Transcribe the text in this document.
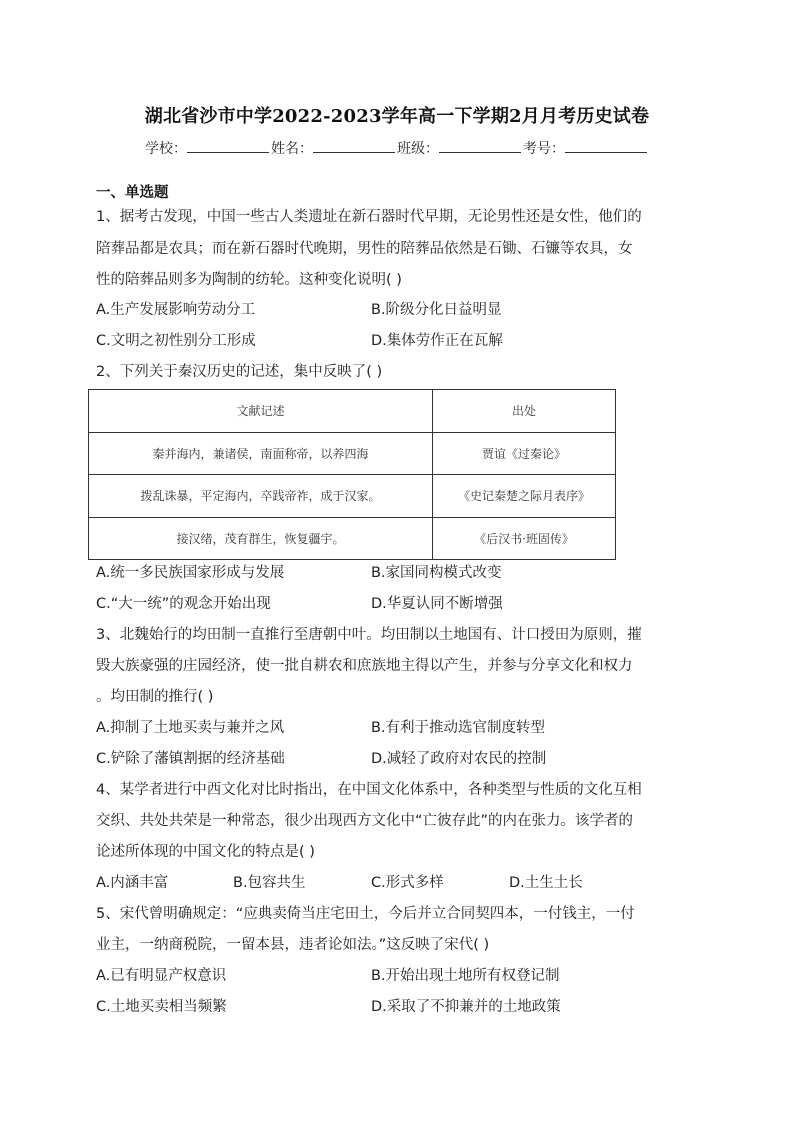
湖北省沙市中学2022-2023学年高一下学期2月月考历史试卷
学校：	姓名：	班级：	考号：
一、单选题
1、据考古发现，中国一些古人类遗址在新石器时代早期，无论男性还是女性，他们的
陪葬品都是农具；而在新石器时代晚期，男性的陪葬品依然是石锄、石镰等农具，女
性的陪葬品则多为陶制的纺轮。这种变化说明( )
A.生产发展影响劳动分工	B.阶级分化日益明显
C.文明之初性别分工形成	D.集体劳作正在瓦解
2、下列关于秦汉历史的记述，集中反映了( )
文献记述	出处
秦并海内，兼诸侯，南面称帝，以养四海	贾谊《过秦论》
拨乱诛暴，平定海内，卒践帝祚，成于汉家。	《史记秦楚之际月表序》
接汉绪，茂育群生，恢复疆宇。	《后汉书·班固传》
A.统一多民族国家形成与发展	B.家国同构模式改变
C.“大一统”的观念开始出现	D.华夏认同不断增强
3、北魏始行的均田制一直推行至唐朝中叶。均田制以土地国有、计口授田为原则，摧
毁大族豪强的庄园经济，使一批自耕农和庶族地主得以产生，并参与分享文化和权力
。均田制的推行( )
A.抑制了土地买卖与兼并之风	B.有利于推动选官制度转型
C.铲除了藩镇割据的经济基础	D.减轻了政府对农民的控制
4、某学者进行中西文化对比时指出，在中国文化体系中，各种类型与性质的文化互相
交织、共处共荣是一种常态，很少出现西方文化中“亡彼存此”的内在张力。该学者的
论述所体现的中国文化的特点是( )
A.内涵丰富	B.包容共生	C.形式多样	D.土生土长
5、宋代曾明确规定：“应典卖倚当庄宅田土，今后并立合同契四本，一付钱主，一付
业主，一纳商税院，一留本县，违者论如法。”这反映了宋代( )
A.已有明显产权意识	B.开始出现土地所有权登记制
C.土地买卖相当频繁	D.采取了不抑兼并的土地政策
